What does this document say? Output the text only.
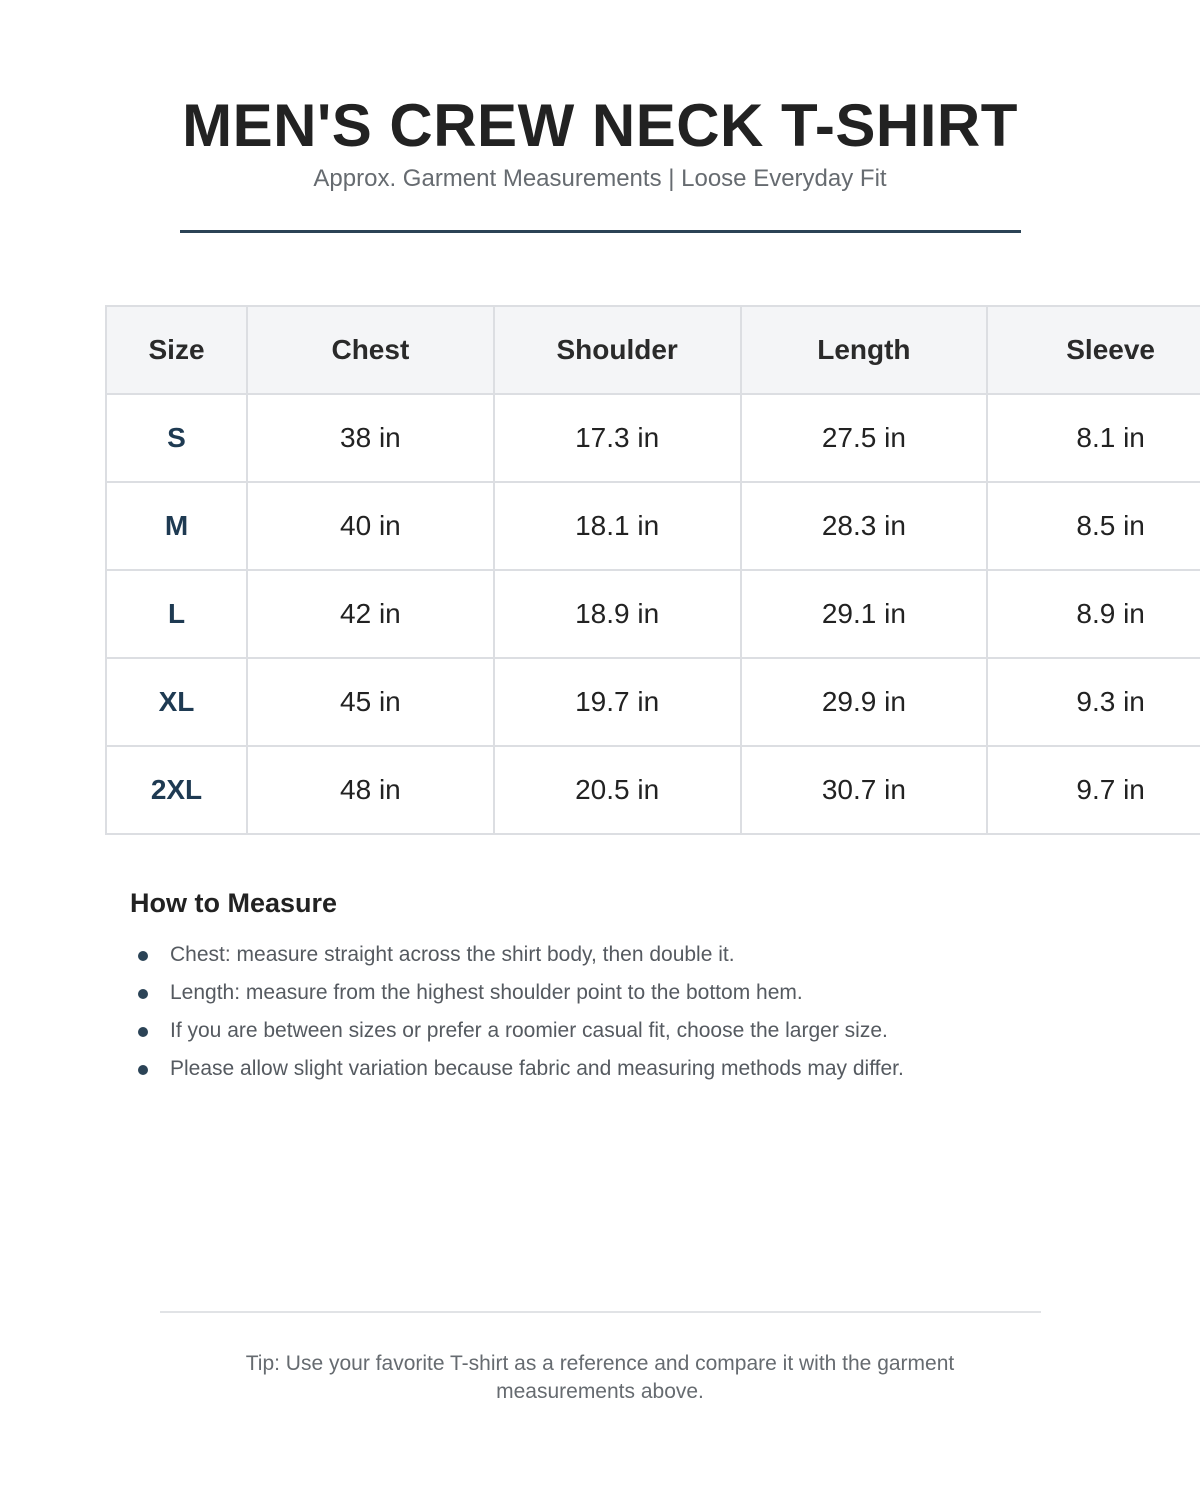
MEN'S CREW NECK T-SHIRT
Approx. Garment Measurements | Loose Everyday Fit
Size	Chest	Shoulder	Length	Sleeve
S	38 in	17.3 in	27.5 in	8.1 in
M	40 in	18.1 in	28.3 in	8.5 in
L	42 in	18.9 in	29.1 in	8.9 in
XL	45 in	19.7 in	29.9 in	9.3 in
2XL	48 in	20.5 in	30.7 in	9.7 in
How to Measure
Chest: measure straight across the shirt body, then double it.
Length: measure from the highest shoulder point to the bottom hem.
If you are between sizes or prefer a roomier casual fit, choose the larger size.
Please allow slight variation because fabric and measuring methods may differ.
Tip: Use your favorite T-shirt as a reference and compare it with the garment measurements above.
